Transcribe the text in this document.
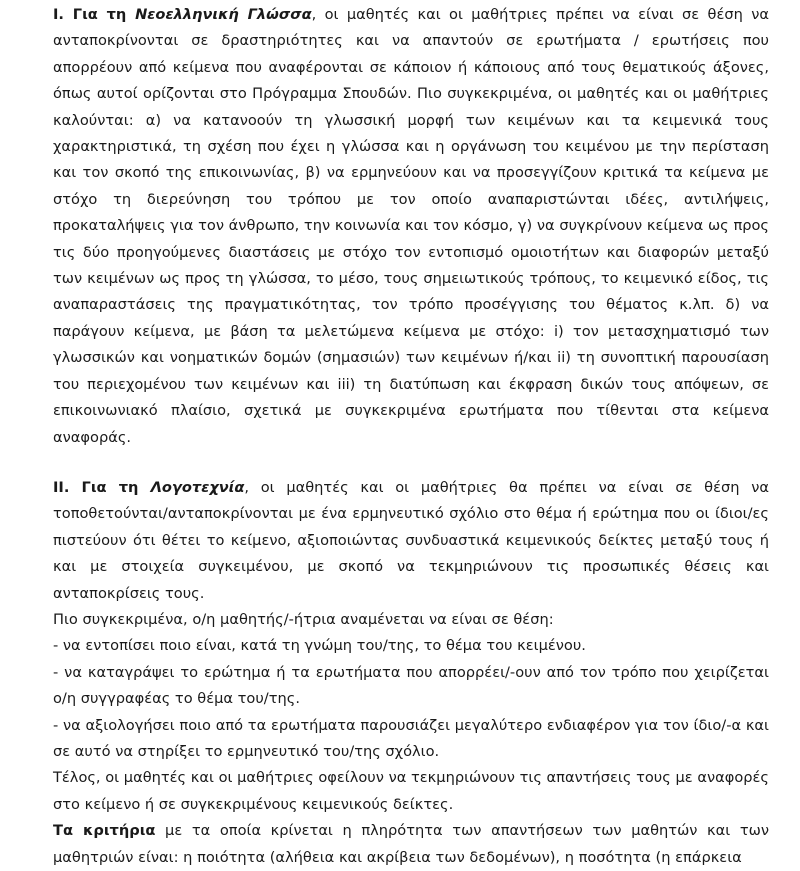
Ι. Για τη Νεοελληνική Γλώσσα, οι μαθητές και οι μαθήτριες πρέπει να είναι σε θέση να ανταποκρίνονται σε δραστηριότητες και να απαντούν σε ερωτήματα / ερωτήσεις που απορρέουν από κείμενα που αναφέρονται σε κάποιον ή κάποιους από τους θεματικούς άξονες, όπως αυτοί ορίζονται στο Πρόγραμμα Σπουδών. Πιο συγκεκριμένα, οι μαθητές και οι μαθήτριες καλούνται: α) να κατανοούν τη γλωσσική μορφή των κειμένων και τα κειμενικά τους χαρακτηριστικά, τη σχέση που έχει η γλώσσα και η οργάνωση του κειμένου με την περίσταση και τον σκοπό της επικοινωνίας, β) να ερμηνεύουν και να προσεγγίζουν κριτικά τα κείμενα με στόχο τη διερεύνηση του τρόπου με τον οποίο αναπαριστώνται ιδέες, αντιλήψεις, προκαταλήψεις για τον άνθρωπο, την κοινωνία και τον κόσμο, γ) να συγκρίνουν κείμενα ως προς τις δύο προηγούμενες διαστάσεις με στόχο τον εντοπισμό ομοιοτήτων και διαφορών μεταξύ των κειμένων ως προς τη γλώσσα, το μέσο, τους σημειωτικούς τρόπους, το κειμενικό είδος, τις αναπαραστάσεις της πραγματικότητας, τον τρόπο προσέγγισης του θέματος κ.λπ. δ) να παράγουν κείμενα, με βάση τα μελετώμενα κείμενα με στόχο: i) τον μετασχηματισμό των γλωσσικών και νοηματικών δομών (σημασιών) των κειμένων ή/και ii) τη συνοπτική παρουσίαση του περιεχομένου των κειμένων και iii) τη διατύπωση και έκφραση δικών τους απόψεων, σε επικοινωνιακό πλαίσιο, σχετικά με συγκεκριμένα ερωτήματα που τίθενται στα κείμενα αναφοράς.

ΙΙ. Για τη Λογοτεχνία, οι μαθητές και οι μαθήτριες θα πρέπει να είναι σε θέση να τοποθετούνται/ανταποκρίνονται με ένα ερμηνευτικό σχόλιο στο θέμα ή ερώτημα που οι ίδιοι/ες πιστεύουν ότι θέτει το κείμενο, αξιοποιώντας συνδυαστικά κειμενικούς δείκτες μεταξύ τους ή και με στοιχεία συγκειμένου, με σκοπό να τεκμηριώνουν τις προσωπικές θέσεις και ανταποκρίσεις τους.

Πιο συγκεκριμένα, ο/η μαθητής/-ήτρια αναμένεται να είναι σε θέση:

- να εντοπίσει ποιο είναι, κατά τη γνώμη του/της, το θέμα του κειμένου.

- να καταγράψει το ερώτημα ή τα ερωτήματα που απορρέει/-ουν από τον τρόπο που χειρίζεται ο/η συγγραφέας το θέμα του/της.

- να αξιολογήσει ποιο από τα ερωτήματα παρουσιάζει μεγαλύτερο ενδιαφέρον για τον ίδιο/-α και σε αυτό να στηρίξει το ερμηνευτικό του/της σχόλιο.

Τέλος, οι μαθητές και οι μαθήτριες οφείλουν να τεκμηριώνουν τις απαντήσεις τους με αναφορές στο κείμενο ή σε συγκεκριμένους κειμενικούς δείκτες.

Τα κριτήρια με τα οποία κρίνεται η πληρότητα των απαντήσεων των μαθητών και των μαθητριών είναι: η ποιότητα (αλήθεια και ακρίβεια των δεδομένων), η ποσότητα (η επάρκεια
